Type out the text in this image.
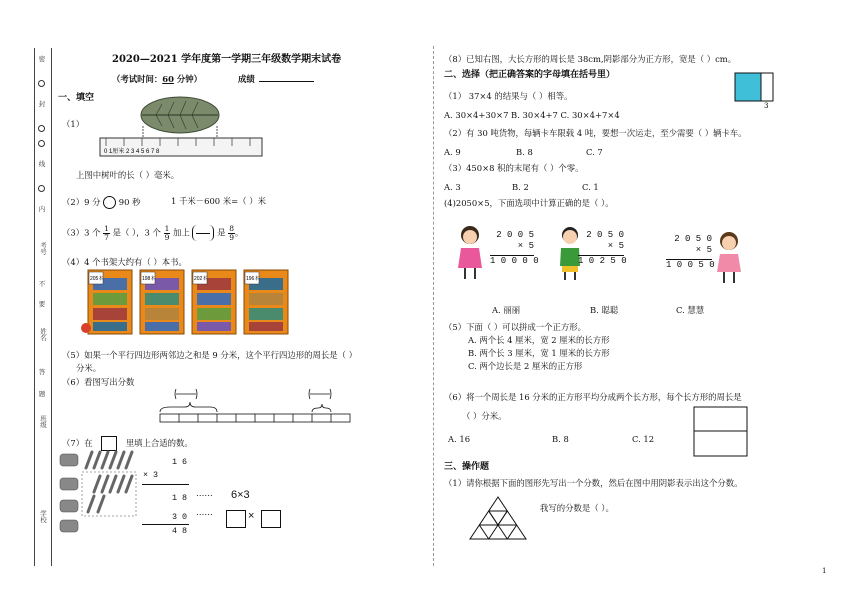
密
封
线
内
考号
不
要
姓名
答
题
班级
学校
2020—2021 学年度第一学期三年级数学期末试卷
（考试时间：60 分钟）	成绩
一、填空
（1）
0 1厘米 2 3 4 5 6 7 8
上图中树叶的长（ ）毫米。
（2）9 分 90 秒	1 千米－600 米=（ ）米
（3）3 个 $\frac{1}{7}$ 是（ ），3 个 $\frac{1}{9}$ 加上	是 $\frac{8}{9}$ 。
（4）4 个书架大约有（ ）本书。
205本	198本	202本	196本
（5）如果一个平行四边形两邻边之和是 9 分米，这个平行四边形的周长是（ ）
分米。
（6）看图写出分数
（7）在	里填上合适的数。
1 6
× 3
1 8 …… 6×3
3 0 ……	×
4 8
（8）已知右图，大长方形的周长是 38cm,阴影部分为正方形，宽是（ ）cm。
3
二、选择（把正确答案的字母填在括号里）
（1） 37×4 的结果与（ ）相等。
A. 30×4+30×7 B. 30×4+7 C. 30×4+7×4
（2）有 30 吨货物，每辆卡车限载 4 吨，要想一次运走，至少需要（ ）辆卡车。
A. 9	B. 8	C. 7
（3）450×8 积的末尾有（ ）个零。
A. 3	B. 2	C. 1
(4)2050×5，下面选项中计算正确的是（ ）。
2 0 0 5
× 5
1 0 0 0 0
2 0 5 0
× 5
1 0 2 5 0
2 0 5 0
× 5
1 0 0 5 0
A. 丽丽	B. 聪聪	C. 慧慧
（5）下面（ ）可以拼成一个正方形。
A. 两个长 4 厘米，宽 2 厘米的长方形
B. 两个长 3 厘米，宽 1 厘米的长方形
C. 两个边长是 2 厘米的正方形
（6）将一个周长是 16 分米的正方形平均分成两个长方形，每个长方形的周长是
（ ）分米。
A. 16	B. 8	C. 12
三、操作题
（1）请你根据下面的图形先写出一个分数，然后在图中用阴影表示出这个分数。
我写的分数是（ ）。
1
